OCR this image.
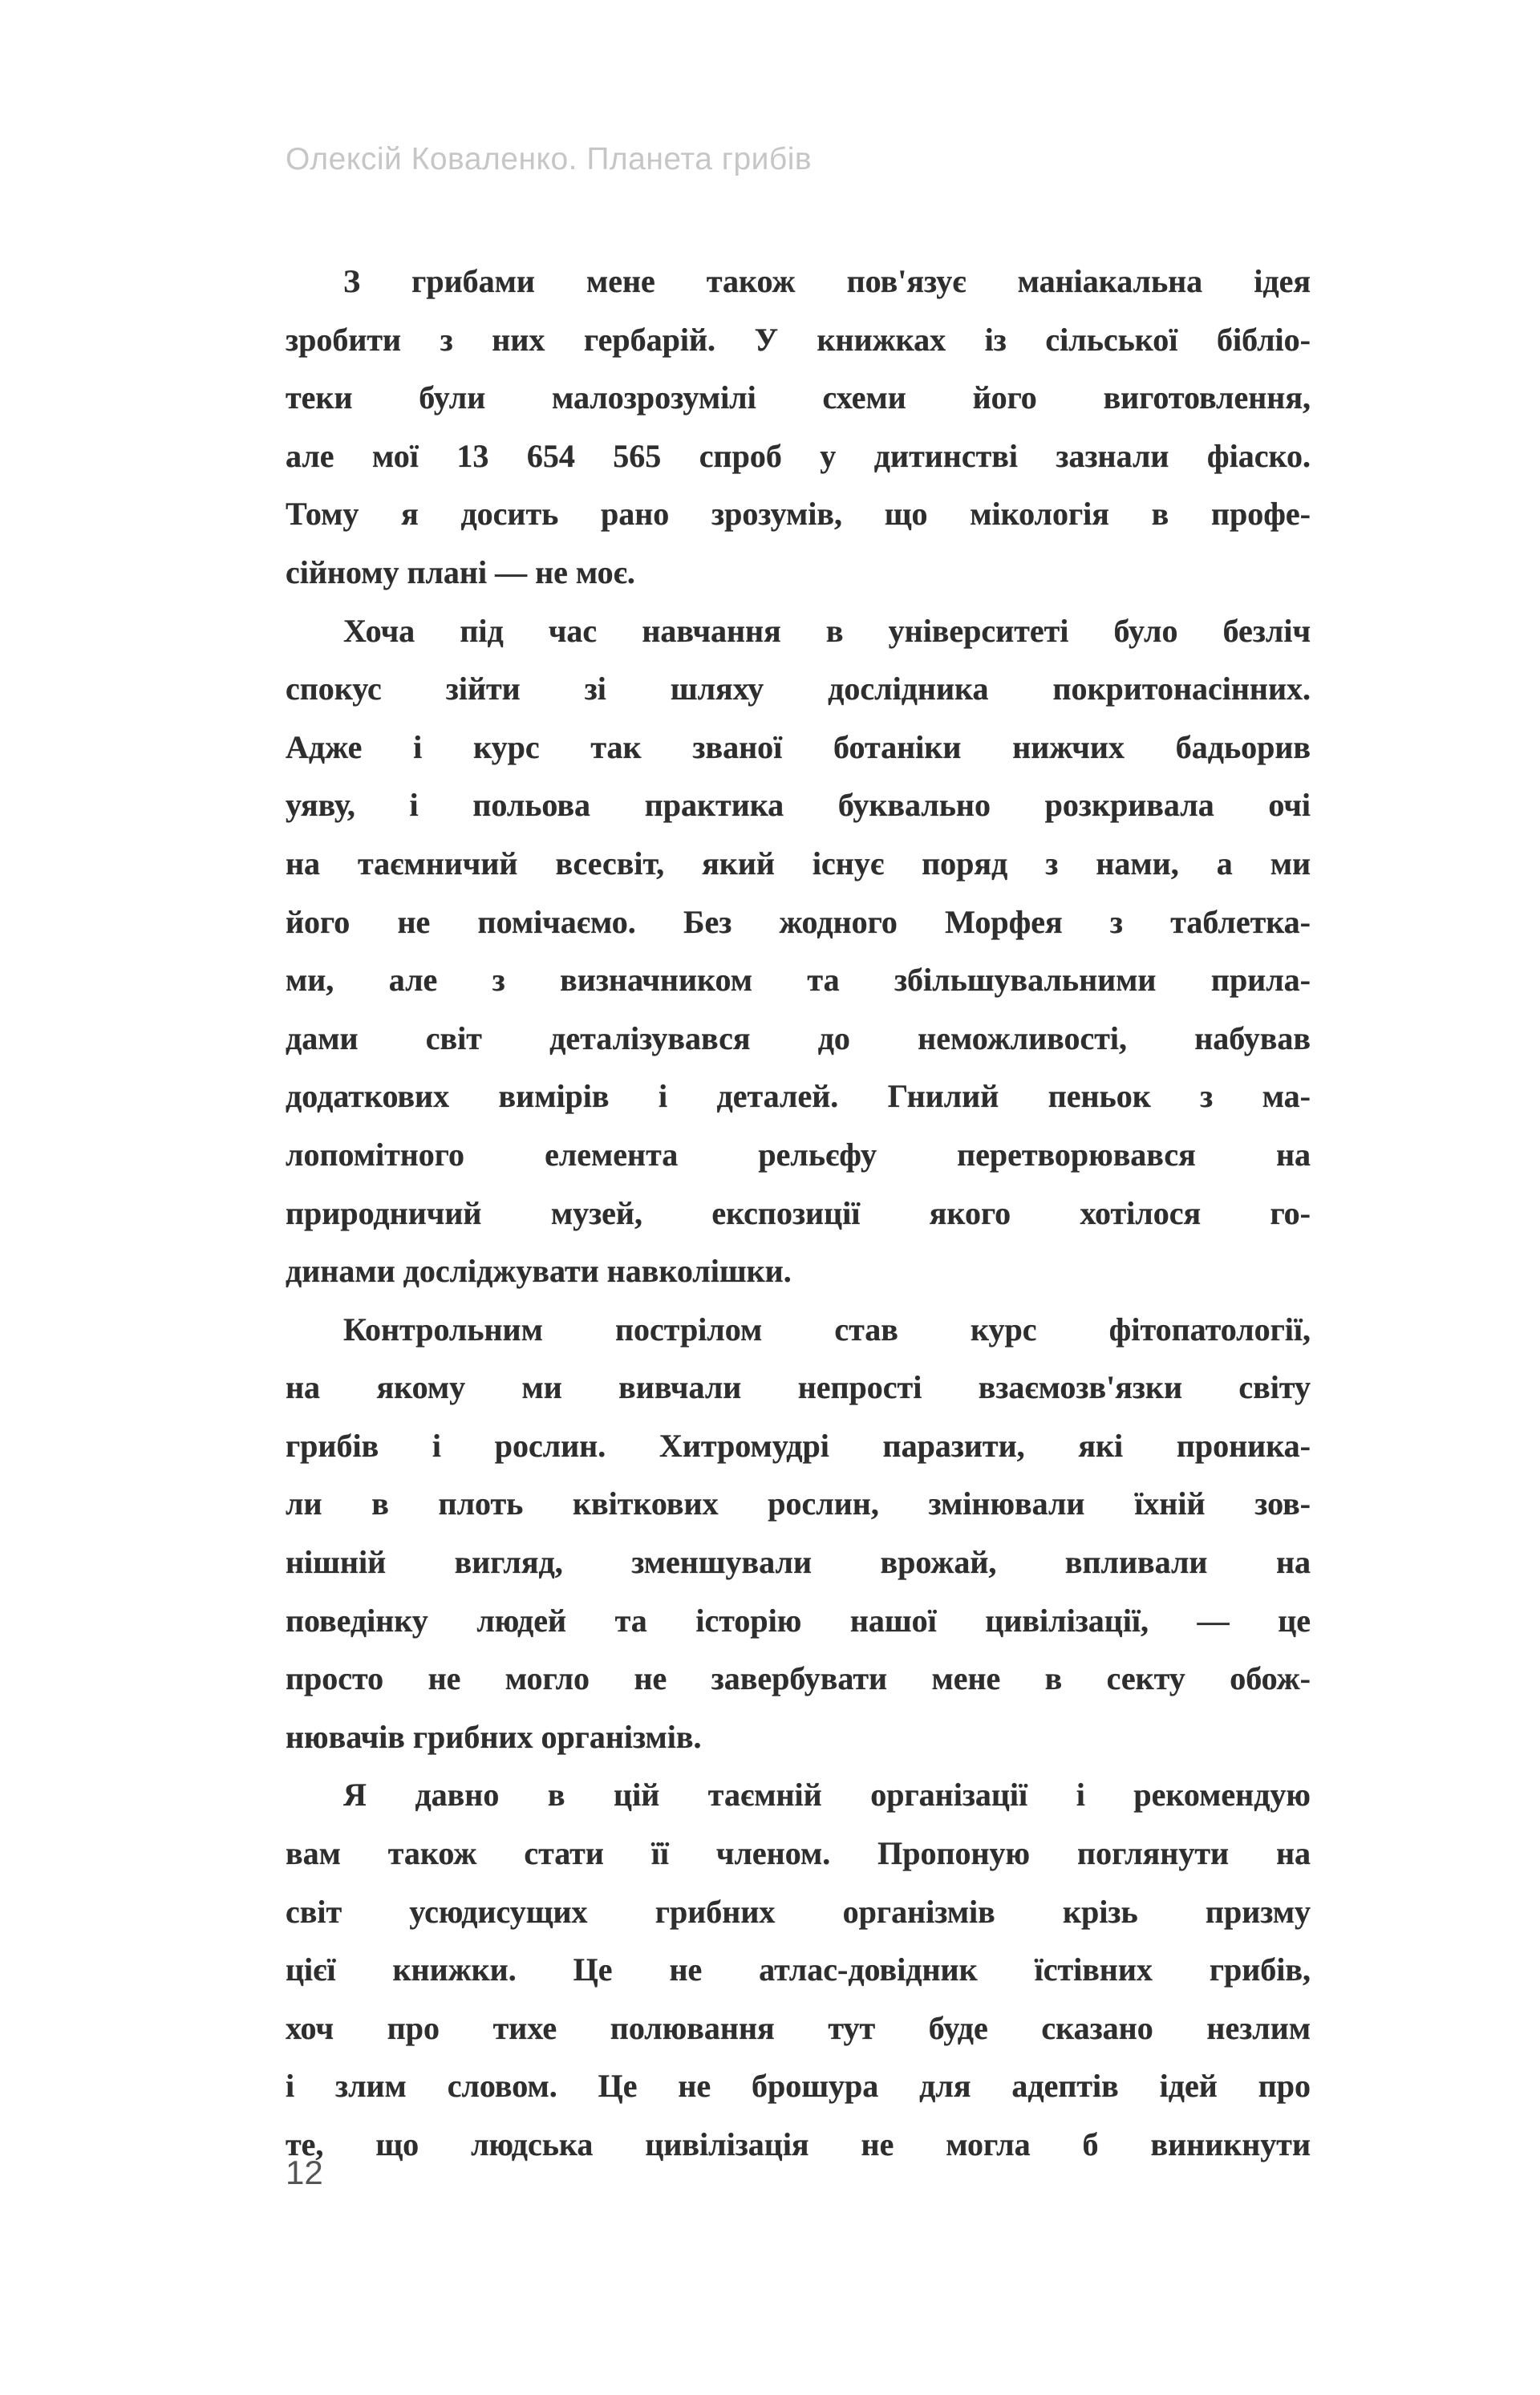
Олексій Коваленко. Планета грибів
З грибами мене також пов'язує маніакальна ідея
зробити з них гербарій. У книжках із сільської бібліо-
теки були малозрозумілі схеми його виготовлення,
але мої 13 654 565 спроб у дитинстві зазнали фіаско.
Тому я досить рано зрозумів, що мікологія в профе-
сійному плані — не моє.
Хоча під час навчання в університеті було безліч
спокус зійти зі шляху дослідника покритонасінних.
Адже і курс так званої ботаніки нижчих бадьорив
уяву, і польова практика буквально розкривала очі
на таємничий всесвіт, який існує поряд з нами, а ми
його не помічаємо. Без жодного Морфея з таблетка-
ми, але з визначником та збільшувальними прила-
дами світ деталізувався до неможливості, набував
додаткових вимірів і деталей. Гнилий пеньок з ма-
лопомітного елемента рельєфу перетворювався на
природничий музей, експозиції якого хотілося го-
динами досліджувати навколішки.
Контрольним пострілом став курс фітопатології,
на якому ми вивчали непрості взаємозв'язки світу
грибів і рослин. Хитромудрі паразити, які проника-
ли в плоть квіткових рослин, змінювали їхній зов-
нішній вигляд, зменшували врожай, впливали на
поведінку людей та історію нашої цивілізації, — це
просто не могло не завербувати мене в секту обож-
нювачів грибних організмів.
Я давно в цій таємній організації і рекомендую
вам також стати її членом. Пропоную поглянути на
світ усюдисущих грибних організмів крізь призму
цієї книжки. Це не атлас-довідник їстівних грибів,
хоч про тихе полювання тут буде сказано незлим
і злим словом. Це не брошура для адептів ідей про
те, що людська цивілізація не могла б виникнути
12
